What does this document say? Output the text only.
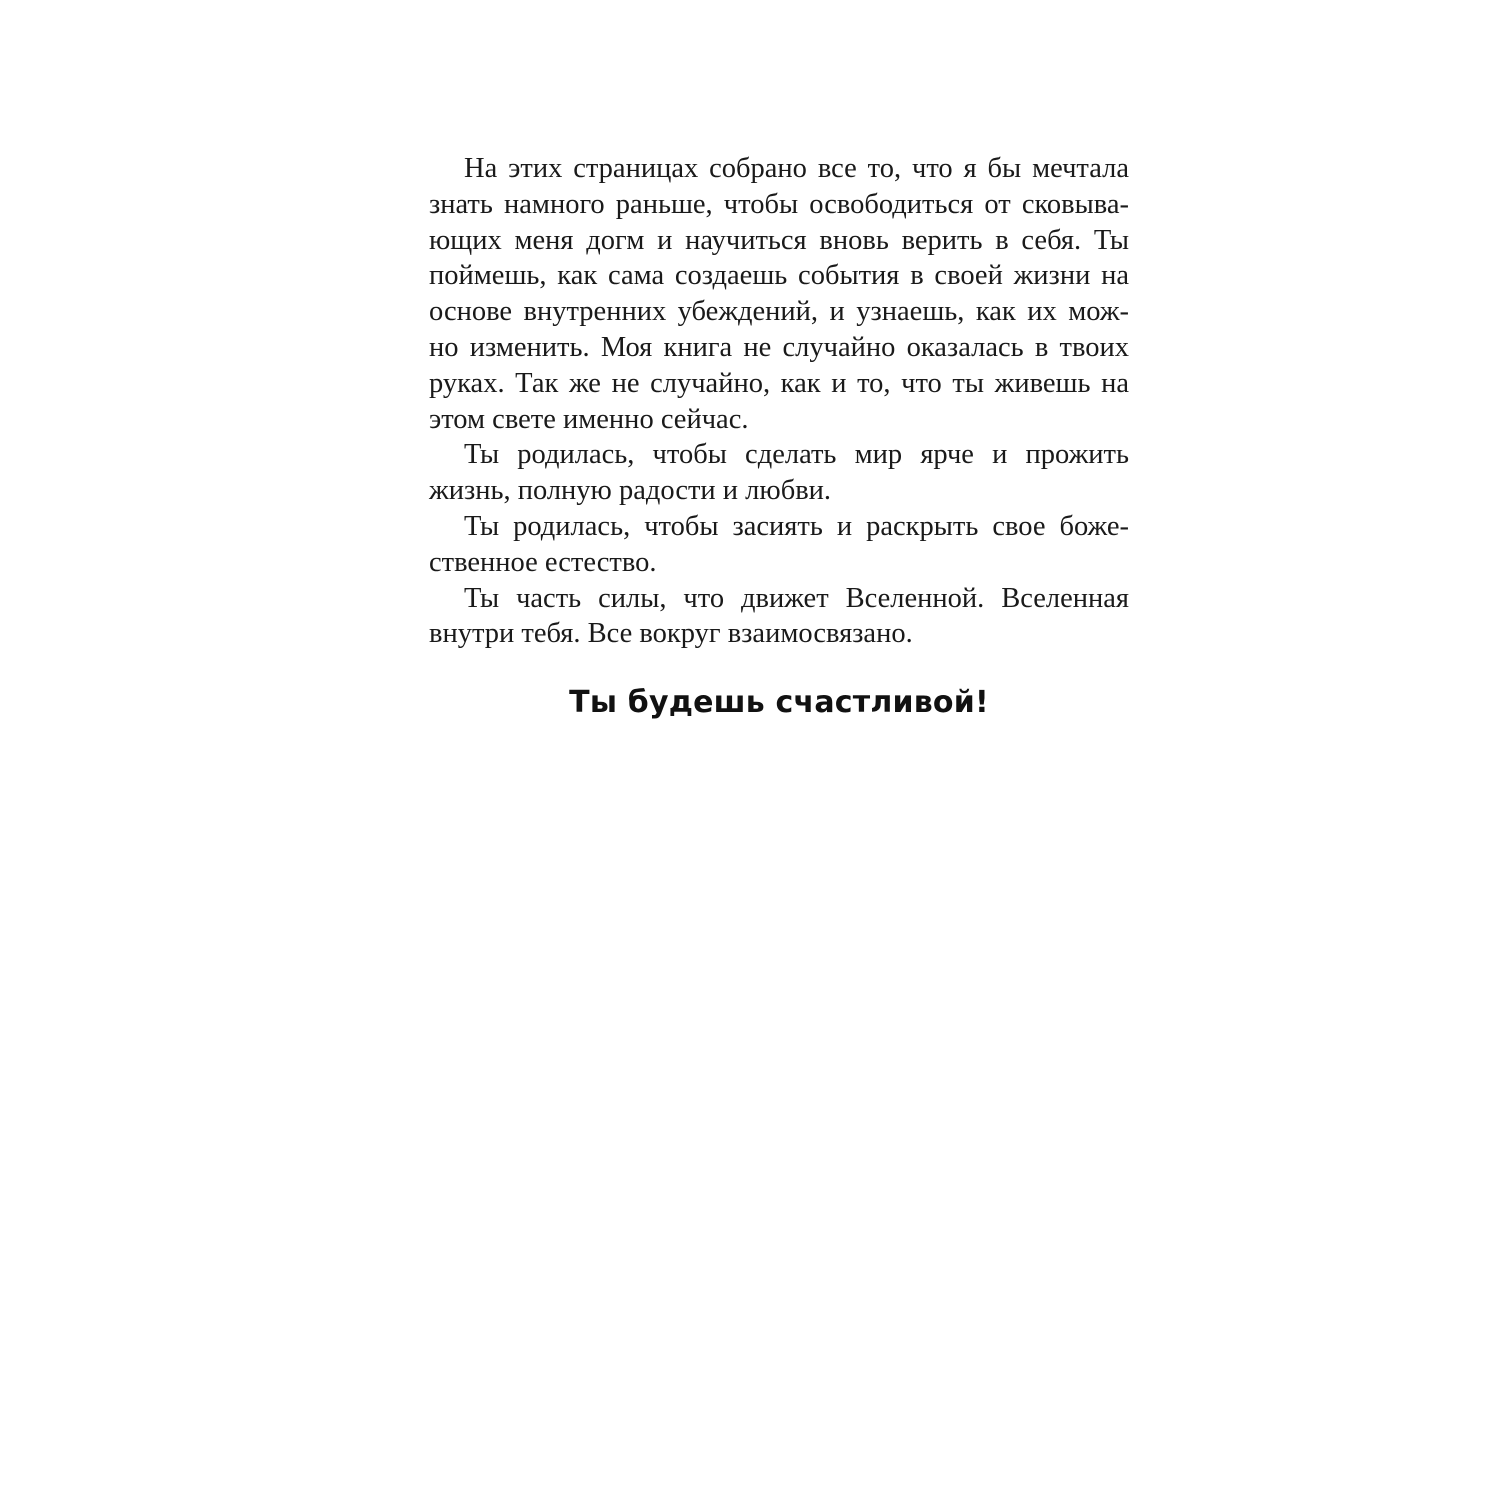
На этих страницах собрано все то, что я бы мечтала
знать намного раньше, чтобы освободиться от сковыва-
ющих меня догм и научиться вновь верить в себя. Ты
поймешь, как сама создаешь события в своей жизни на
основе внутренних убеждений, и узнаешь, как их мож-
но изменить. Моя книга не случайно оказалась в твоих
руках. Так же не случайно, как и то, что ты живешь на
этом свете именно сейчас.
Ты родилась, чтобы сделать мир ярче и прожить
жизнь, полную радости и любви.
Ты родилась, чтобы засиять и раскрыть свое боже-
ственное естество.
Ты часть силы, что движет Вселенной. Вселенная
внутри тебя. Все вокруг взаимосвязано.
Ты будешь счастливой!
